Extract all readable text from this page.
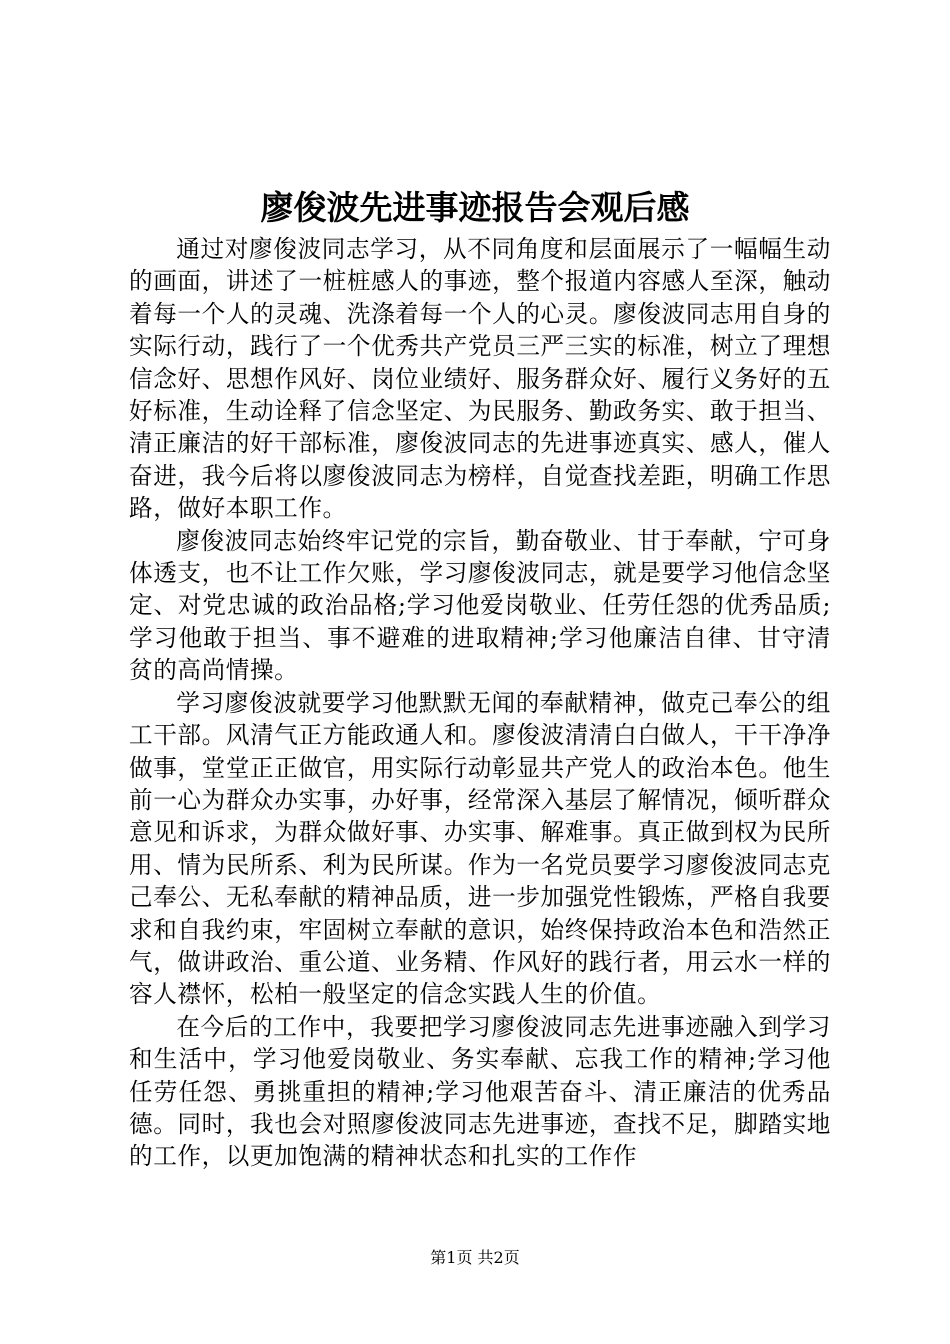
廖俊波先进事迹报告会观后感

通过对廖俊波同志学习，从不同角度和层面展示了一幅幅生动的画面，讲述了一桩桩感人的事迹，整个报道内容感人至深，触动着每一个人的灵魂、洗涤着每一个人的心灵。廖俊波同志用自身的实际行动，践行了一个优秀共产党员三严三实的标准，树立了理想信念好、思想作风好、岗位业绩好、服务群众好、履行义务好的五好标准，生动诠释了信念坚定、为民服务、勤政务实、敢于担当、清正廉洁的好干部标准，廖俊波同志的先进事迹真实、感人，催人奋进，我今后将以廖俊波同志为榜样，自觉查找差距，明确工作思路，做好本职工作。

廖俊波同志始终牢记党的宗旨，勤奋敬业、甘于奉献，宁可身体透支，也不让工作欠账，学习廖俊波同志，就是要学习他信念坚定、对党忠诚的政治品格;学习他爱岗敬业、任劳任怨的优秀品质;学习他敢于担当、事不避难的进取精神;学习他廉洁自律、甘守清贫的高尚情操。

学习廖俊波就要学习他默默无闻的奉献精神，做克己奉公的组工干部。风清气正方能政通人和。廖俊波清清白白做人，干干净净做事，堂堂正正做官，用实际行动彰显共产党人的政治本色。他生前一心为群众办实事，办好事，经常深入基层了解情况，倾听群众意见和诉求，为群众做好事、办实事、解难事。真正做到权为民所用、情为民所系、利为民所谋。作为一名党员要学习廖俊波同志克己奉公、无私奉献的精神品质，进一步加强党性锻炼，严格自我要求和自我约束，牢固树立奉献的意识，始终保持政治本色和浩然正气，做讲政治、重公道、业务精、作风好的践行者，用云水一样的容人襟怀，松柏一般坚定的信念实践人生的价值。

在今后的工作中，我要把学习廖俊波同志先进事迹融入到学习和生活中，学习他爱岗敬业、务实奉献、忘我工作的精神;学习他任劳任怨、勇挑重担的精神;学习他艰苦奋斗、清正廉洁的优秀品德。同时，我也会对照廖俊波同志先进事迹，查找不足，脚踏实地的工作，以更加饱满的精神状态和扎实的工作作

第1页 共2页
